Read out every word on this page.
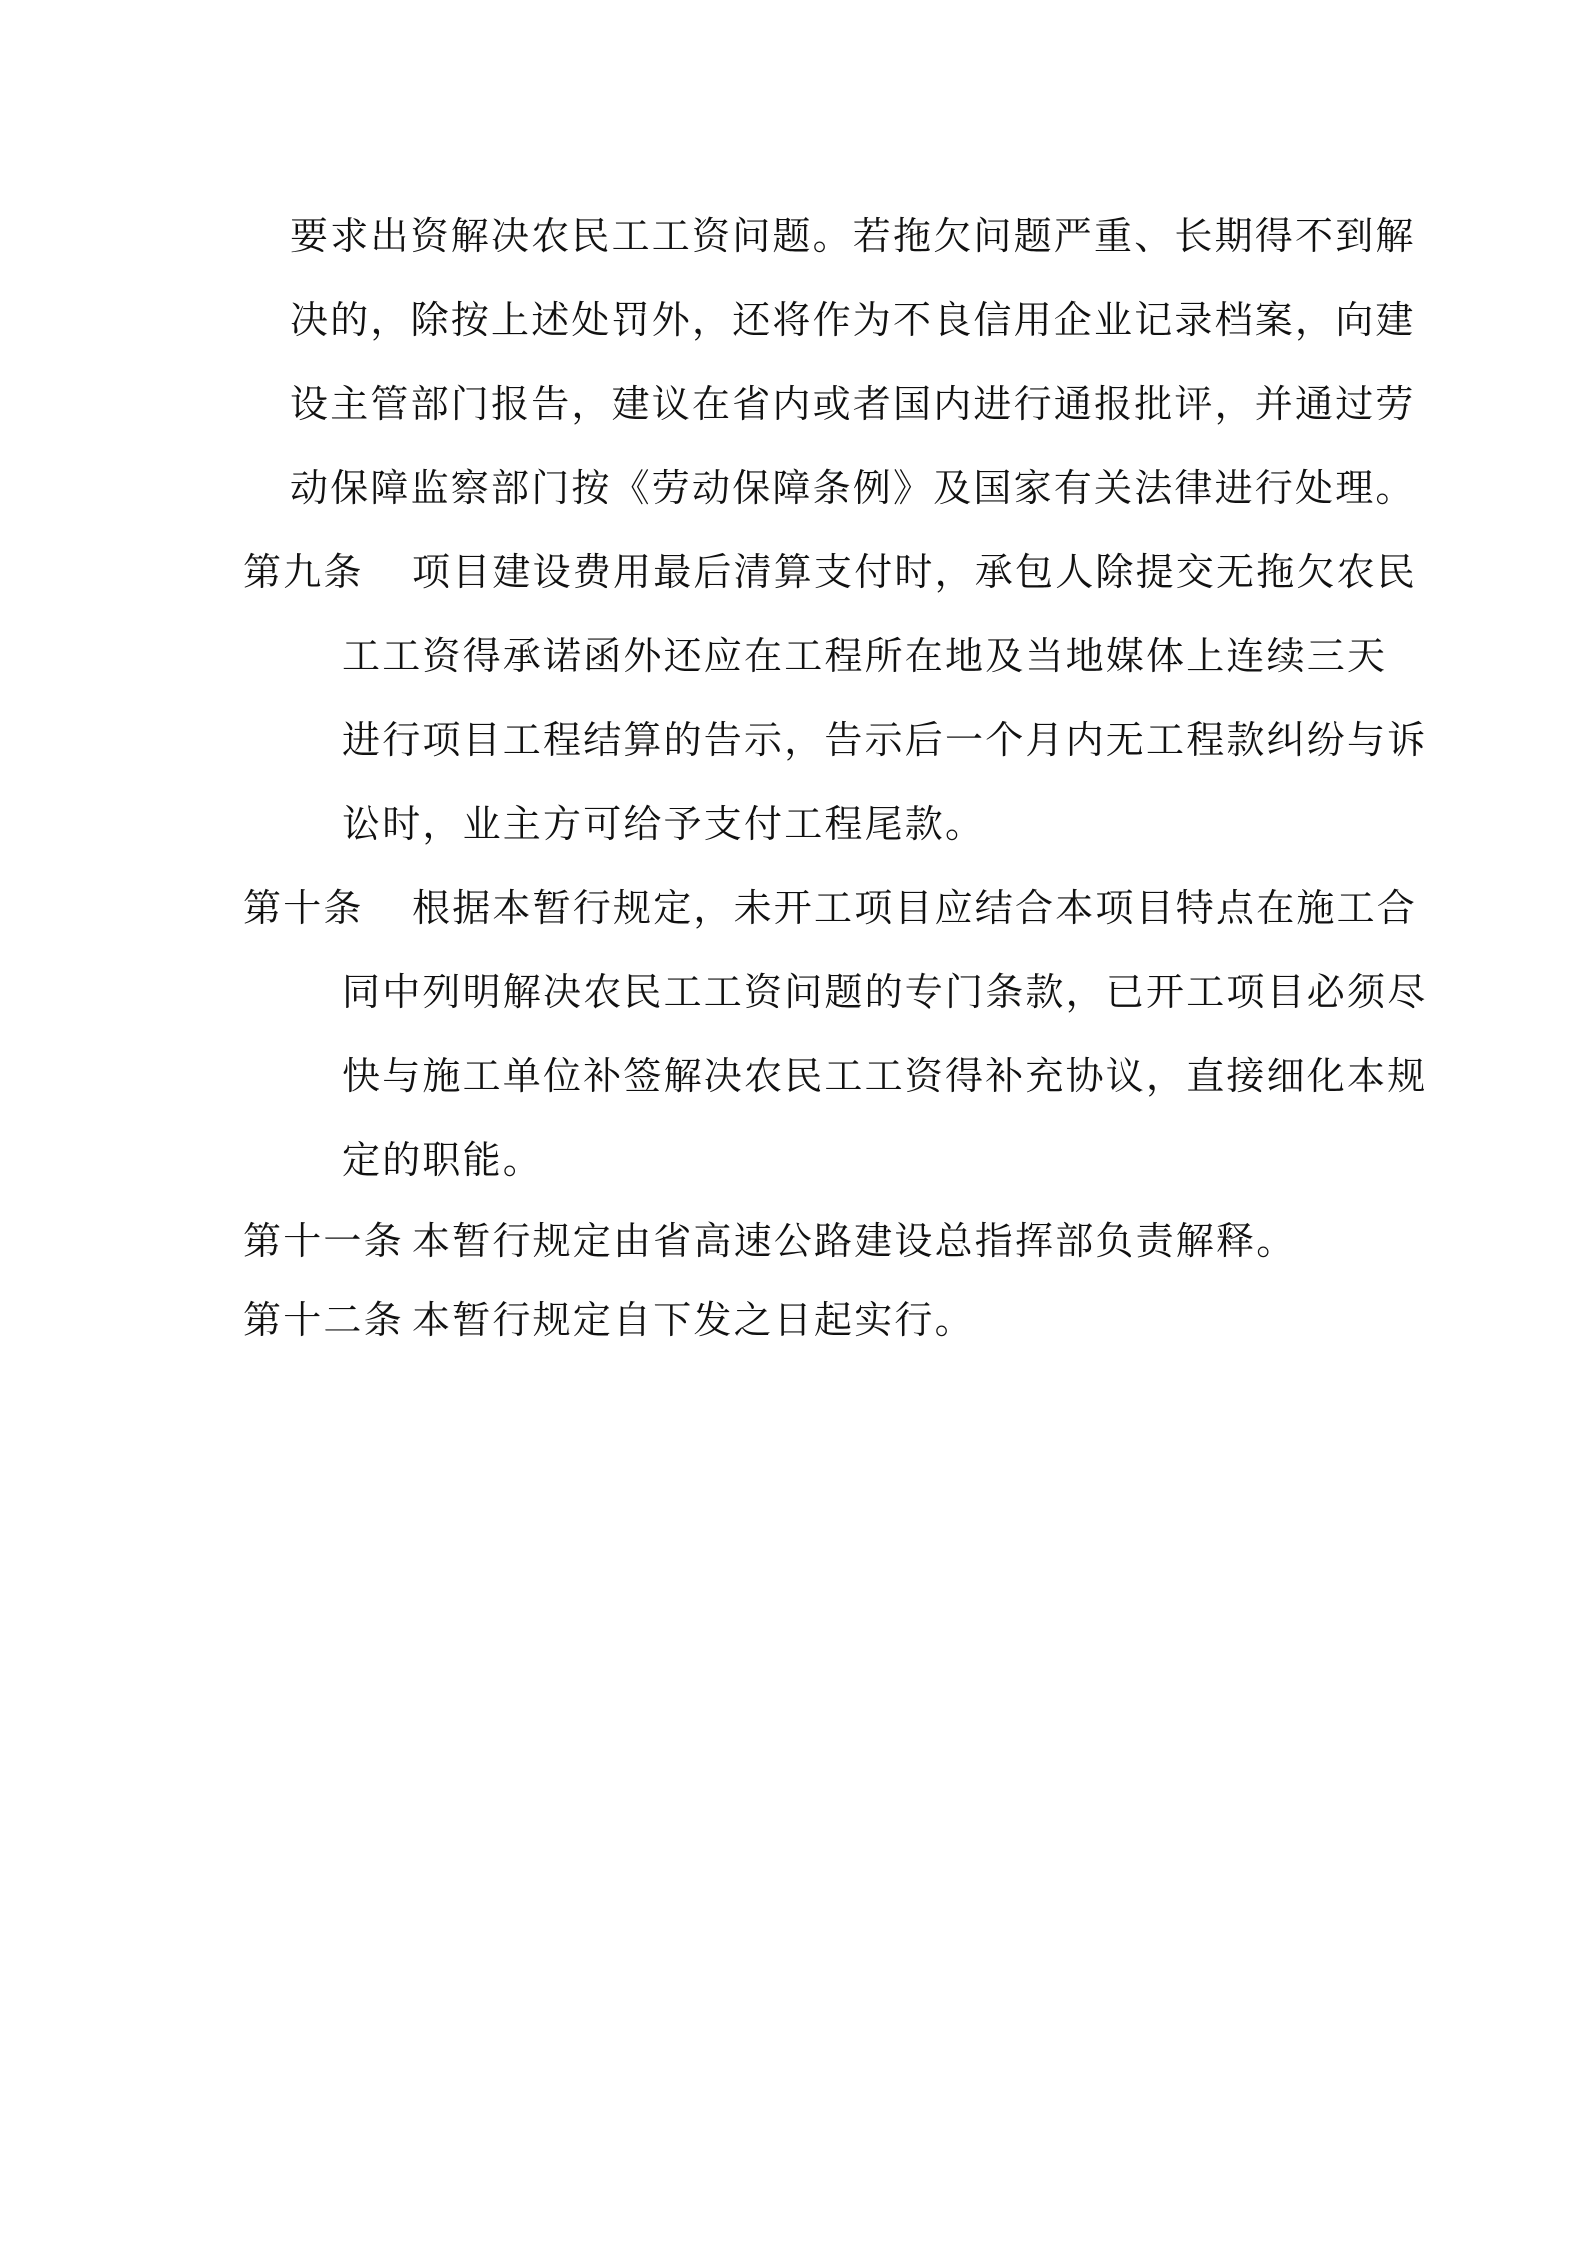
要求出资解决农民工工资问题。若拖欠问题严重、长期得不到解
决的，除按上述处罚外，还将作为不良信用企业记录档案，向建
设主管部门报告，建议在省内或者国内进行通报批评，并通过劳
动保障监察部门按《劳动保障条例》及国家有关法律进行处理。
第九条 项目建设费用最后清算支付时，承包人除提交无拖欠农民
工工资得承诺函外还应在工程所在地及当地媒体上连续三天
进行项目工程结算的告示，告示后一个月内无工程款纠纷与诉
讼时，业主方可给予支付工程尾款。
第十条 根据本暂行规定，未开工项目应结合本项目特点在施工合
同中列明解决农民工工资问题的专门条款，已开工项目必须尽
快与施工单位补签解决农民工工资得补充协议，直接细化本规
定的职能。
第十一条 本暂行规定由省高速公路建设总指挥部负责解释。
第十二条 本暂行规定自下发之日起实行。
